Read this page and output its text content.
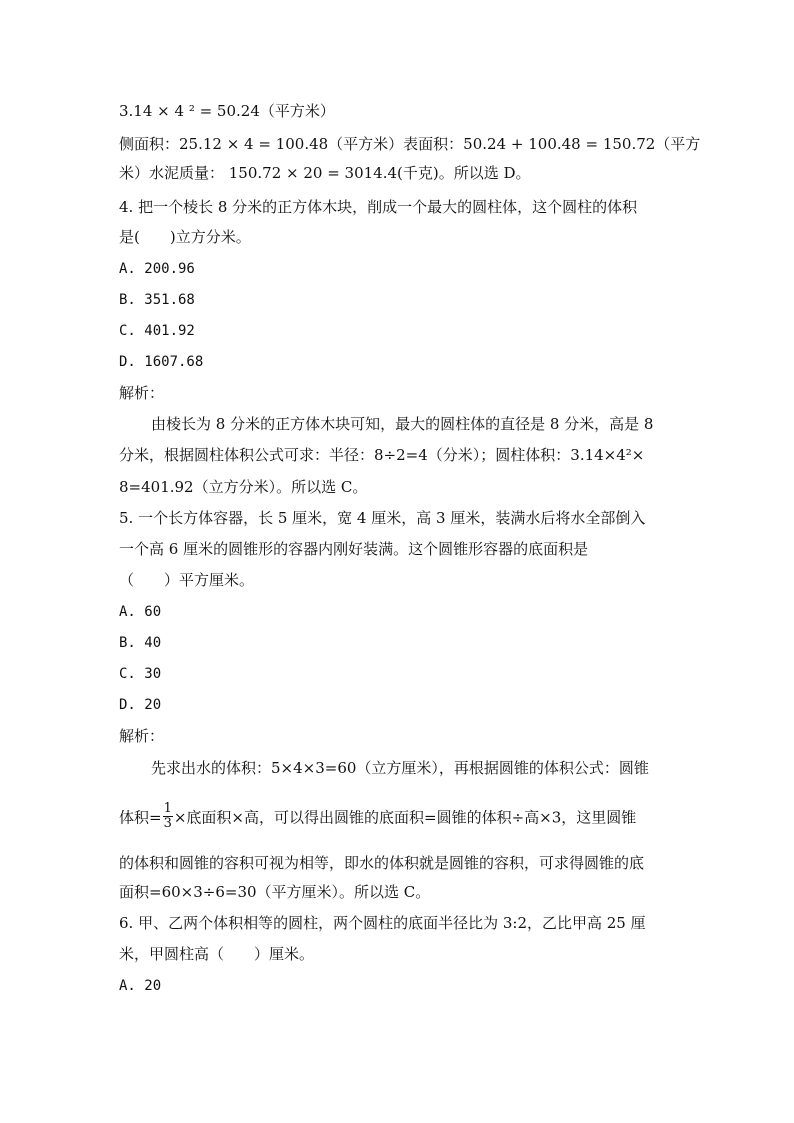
3.14 × 4 ² = 50.24（平方米）
侧面积：25.12 × 4 = 100.48（平方米）表面积：50.24 + 100.48 = 150.72（平方
米）水泥质量： 150.72 × 20 = 3014.4(千克)。所以选 D。
4. 把一个棱长 8 分米的正方体木块，削成一个最大的圆柱体，这个圆柱的体积
是(　　)立方分米。
A. 200.96
B. 351.68
C. 401.92
D. 1607.68
解析：
由棱长为 8 分米的正方体木块可知，最大的圆柱体的直径是 8 分米，高是 8
分米，根据圆柱体积公式可求：半径：8÷2=4（分米）；圆柱体积：3.14×4²×
8=401.92（立方分米）。所以选 C。
5. 一个长方体容器，长 5 厘米，宽 4 厘米，高 3 厘米，装满水后将水全部倒入
一个高 6 厘米的圆锥形的容器内刚好装满。这个圆锥形容器的底面积是
（　　）平方厘米。
A. 60
B. 40
C. 30
D. 20
解析：
先求出水的体积：5×4×3=60（立方厘米），再根据圆锥的体积公式：圆锥
体积= $\frac{1}{3}$ ×底面积×高，可以得出圆锥的底面积=圆锥的体积÷高×3，这里圆锥
的体积和圆锥的容积可视为相等，即水的体积就是圆锥的容积，可求得圆锥的底
面积=60×3÷6=30（平方厘米）。所以选 C。
6. 甲、乙两个体积相等的圆柱，两个圆柱的底面半径比为 3:2，乙比甲高 25 厘
米，甲圆柱高（　　）厘米。
A. 20
